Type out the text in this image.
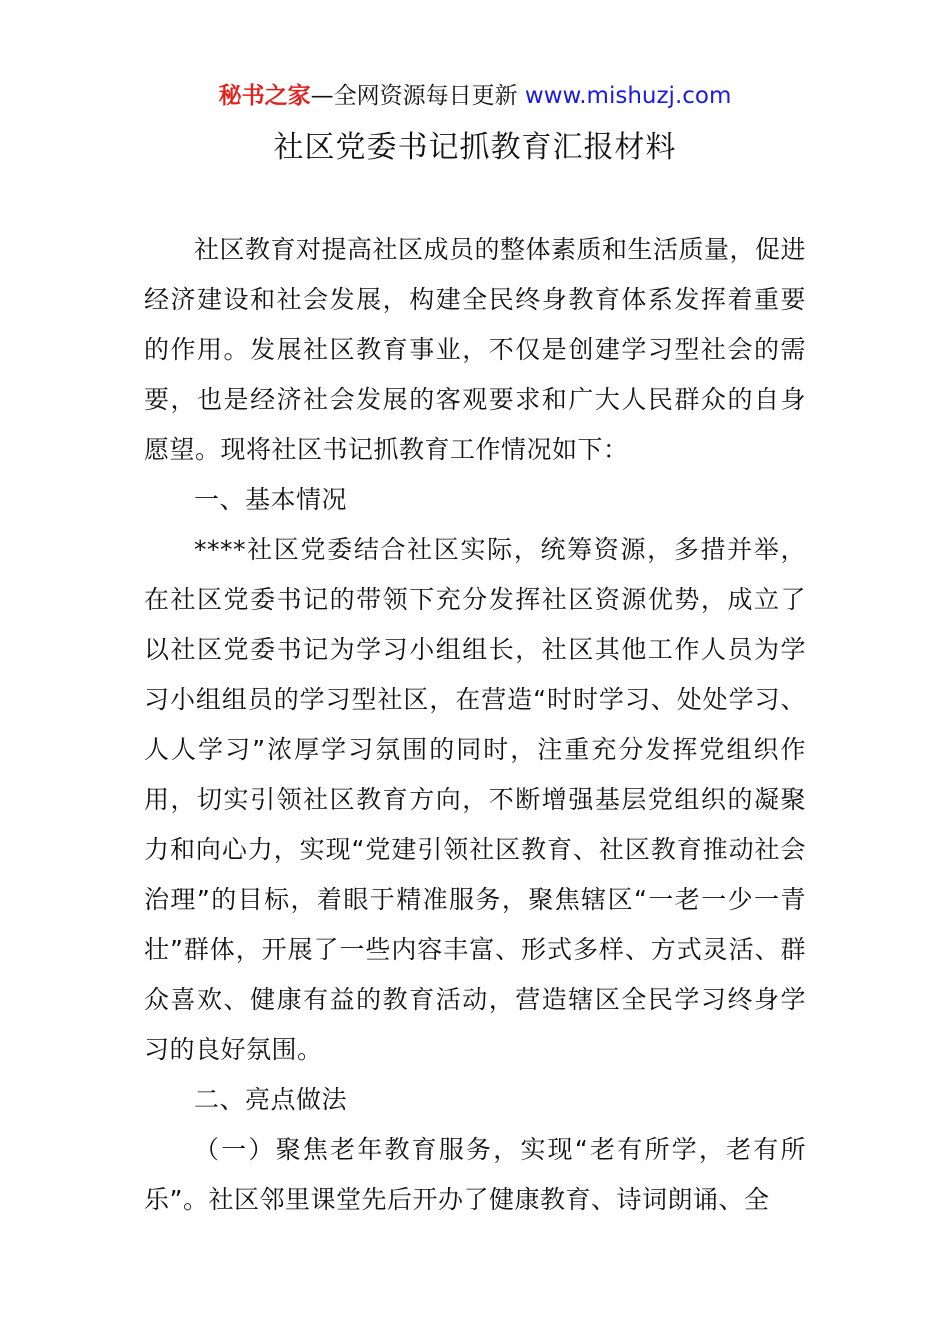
秘书之家—全网资源每日更新 www.mishuzj.com
社区党委书记抓教育汇报材料

社区教育对提高社区成员的整体素质和生活质量，促进经济建设和社会发展，构建全民终身教育体系发挥着重要的作用。发展社区教育事业，不仅是创建学习型社会的需要，也是经济社会发展的客观要求和广大人民群众的自身愿望。现将社区书记抓教育工作情况如下：

一、基本情况

****社区党委结合社区实际，统筹资源，多措并举，在社区党委书记的带领下充分发挥社区资源优势，成立了以社区党委书记为学习小组组长，社区其他工作人员为学习小组组员的学习型社区，在营造“时时学习、处处学习、人人学习”浓厚学习氛围的同时，注重充分发挥党组织作用，切实引领社区教育方向，不断增强基层党组织的凝聚力和向心力，实现“党建引领社区教育、社区教育推动社会治理”的目标，着眼于精准服务，聚焦辖区“一老一少一青壮”群体，开展了一些内容丰富、形式多样、方式灵活、群众喜欢、健康有益的教育活动，营造辖区全民学习终身学习的良好氛围。

二、亮点做法

（一）聚焦老年教育服务，实现“老有所学，老有所乐”。社区邻里课堂先后开办了健康教育、诗词朗诵、全
